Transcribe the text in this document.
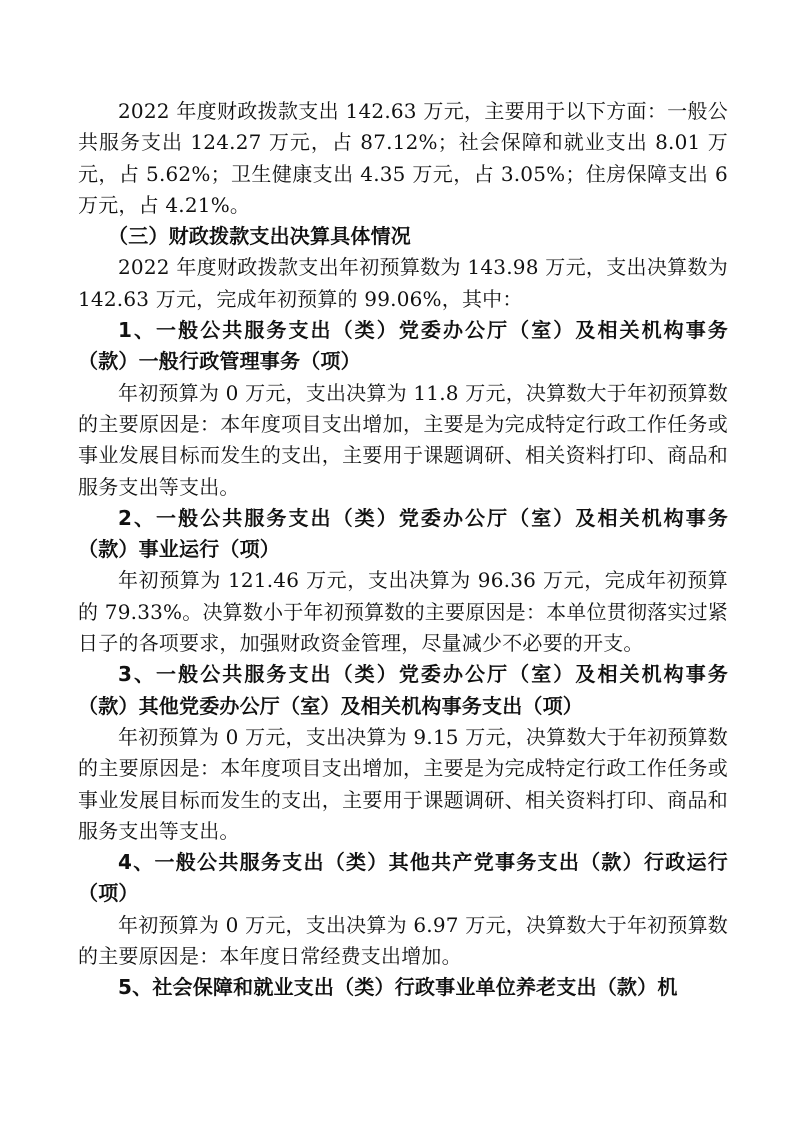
2022 年度财政拨款支出 142.63 万元，主要用于以下方面：一般公共服务支出 124.27 万元，占 87.12%；社会保障和就业支出 8.01 万元，占 5.62%；卫生健康支出 4.35 万元，占 3.05%；住房保障支出 6 万元，占 4.21%。

（三）财政拨款支出决算具体情况

2022 年度财政拨款支出年初预算数为 143.98 万元，支出决算数为 142.63 万元，完成年初预算的 99.06%，其中：

1、一般公共服务支出（类）党委办公厅（室）及相关机构事务（款）一般行政管理事务（项）

年初预算为 0 万元，支出决算为 11.8 万元，决算数大于年初预算数的主要原因是：本年度项目支出增加，主要是为完成特定行政工作任务或事业发展目标而发生的支出，主要用于课题调研、相关资料打印、商品和服务支出等支出。

2、一般公共服务支出（类）党委办公厅（室）及相关机构事务（款）事业运行（项）

年初预算为 121.46 万元，支出决算为 96.36 万元，完成年初预算的 79.33%。决算数小于年初预算数的主要原因是：本单位贯彻落实过紧日子的各项要求，加强财政资金管理，尽量减少不必要的开支。

3、一般公共服务支出（类）党委办公厅（室）及相关机构事务（款）其他党委办公厅（室）及相关机构事务支出（项）

年初预算为 0 万元，支出决算为 9.15 万元，决算数大于年初预算数的主要原因是：本年度项目支出增加，主要是为完成特定行政工作任务或事业发展目标而发生的支出，主要用于课题调研、相关资料打印、商品和服务支出等支出。

4、一般公共服务支出（类）其他共产党事务支出（款）行政运行（项）

年初预算为 0 万元，支出决算为 6.97 万元，决算数大于年初预算数的主要原因是：本年度日常经费支出增加。

5、社会保障和就业支出（类）行政事业单位养老支出（款）机
